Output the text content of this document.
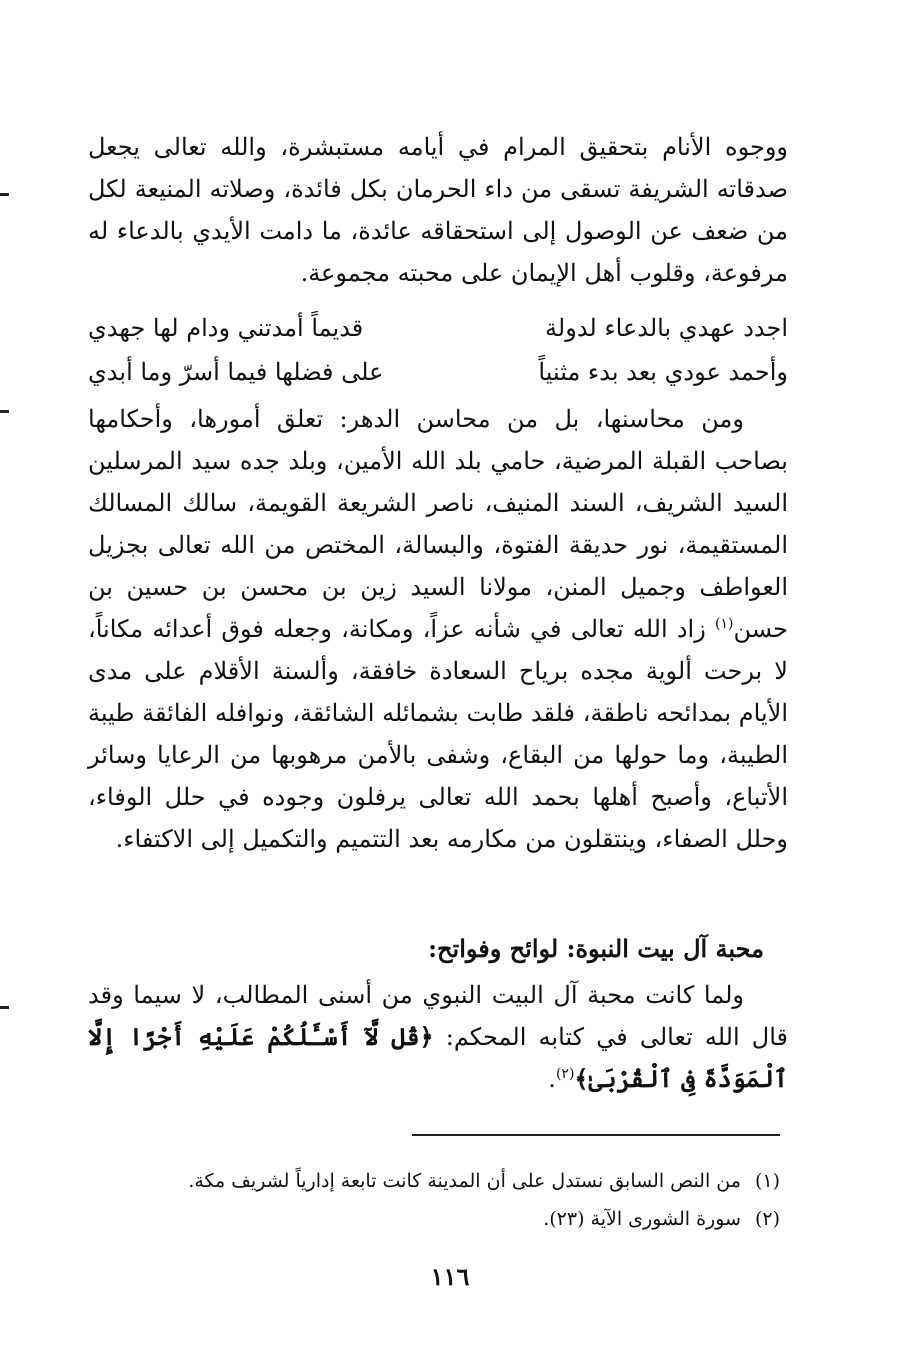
ووجوه الأنام بتحقيق المرام في أيامه مستبشرة، والله تعالى يجعل صدقاته الشريفة تسقى من داء الحرمان بكل فائدة، وصلاته المنيعة لكل من ضعف عن الوصول إلى استحقاقه عائدة، ما دامت الأيدي بالدعاء له مرفوعة، وقلوب أهل الإيمان على محبته مجموعة.

اجدد عهدي بالدعاء لدولة
قديماً أمدتني ودام لها جهدي
وأحمد عودي بعد بدء مثنياً
على فضلها فيما أسرّ وما أبدي

ومن محاسنها، بل من محاسن الدهر: تعلق أمورها، وأحكامها بصاحب القبلة المرضية، حامي بلد الله الأمين، وبلد جده سيد المرسلين السيد الشريف، السند المنيف، ناصر الشريعة القويمة، سالك المسالك المستقيمة، نور حديقة الفتوة، والبسالة، المختص من الله تعالى بجزيل العواطف وجميل المنن، مولانا السيد زين بن محسن بن حسين بن حسن$^{(١)}$ زاد الله تعالى في شأنه عزاً، ومكانة، وجعله فوق أعدائه مكاناً، لا برحت ألوية مجده برياح السعادة خافقة، وألسنة الأقلام على مدى الأيام بمدائحه ناطقة، فلقد طابت بشمائله الشائقة، ونوافله الفائقة طيبة الطيبة، وما حولها من البقاع، وشفى بالأمن مرهوبها من الرعايا وسائر الأتباع، وأصبح أهلها بحمد الله تعالى يرفلون وجوده في حلل الوفاء، وحلل الصفاء، وينتقلون من مكارمه بعد التتميم والتكميل إلى الاكتفاء.

محبة آل بيت النبوة: لوائح وفواتح:

ولما كانت محبة آل البيت النبوي من أسنى المطالب، لا سيما وقد قال الله تعالى في كتابه المحكم: ﴿قُل لَّآ أَسْـَٔلُكُمْ عَلَيْهِ أَجْرًا إِلَّا ٱلْمَوَدَّةَ فِى ٱلْقُرْبَىٰ﴾$^{(٢)}$.

(١)من النص السابق نستدل على أن المدينة كانت تابعة إدارياً لشريف مكة.
(٢)سورة الشورى الآية (٢٣).
١١٦
